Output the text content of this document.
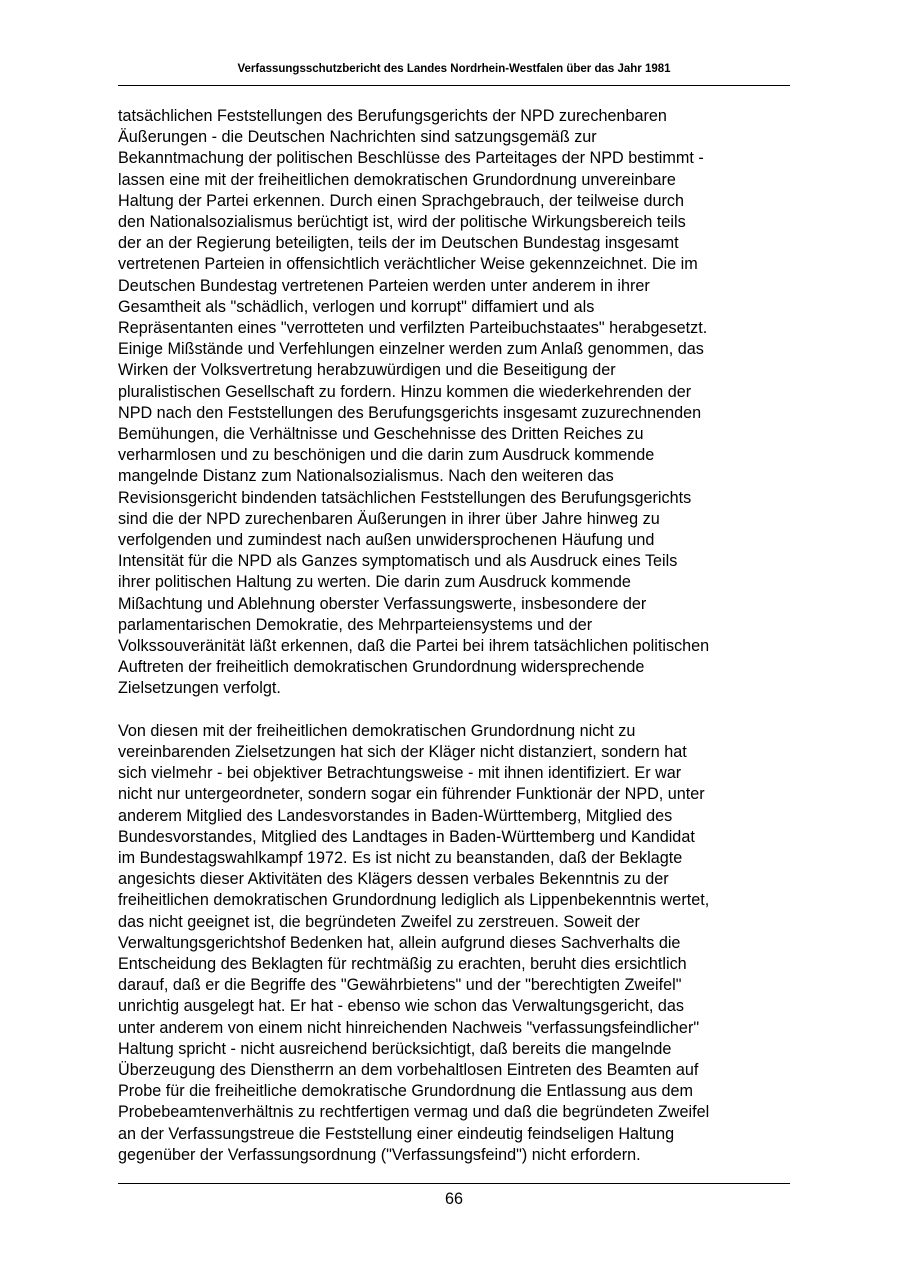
Verfassungsschutzbericht des Landes Nordrhein-Westfalen über das Jahr 1981

tatsächlichen Feststellungen des Berufungsgerichts der NPD zurechenbaren
Äußerungen - die Deutschen Nachrichten sind satzungsgemäß zur
Bekanntmachung der politischen Beschlüsse des Parteitages der NPD bestimmt -
lassen eine mit der freiheitlichen demokratischen Grundordnung unvereinbare
Haltung der Partei erkennen. Durch einen Sprachgebrauch, der teilweise durch
den Nationalsozialismus berüchtigt ist, wird der politische Wirkungsbereich teils
der an der Regierung beteiligten, teils der im Deutschen Bundestag insgesamt
vertretenen Parteien in offensichtlich verächtlicher Weise gekennzeichnet. Die im
Deutschen Bundestag vertretenen Parteien werden unter anderem in ihrer
Gesamtheit als "schädlich, verlogen und korrupt" diffamiert und als
Repräsentanten eines "verrotteten und verfilzten Parteibuchstaates" herabgesetzt.
Einige Mißstände und Verfehlungen einzelner werden zum Anlaß genommen, das
Wirken der Volksvertretung herabzuwürdigen und die Beseitigung der
pluralistischen Gesellschaft zu fordern. Hinzu kommen die wiederkehrenden der
NPD nach den Feststellungen des Berufungsgerichts insgesamt zuzurechnenden
Bemühungen, die Verhältnisse und Geschehnisse des Dritten Reiches zu
verharmlosen und zu beschönigen und die darin zum Ausdruck kommende
mangelnde Distanz zum Nationalsozialismus. Nach den weiteren das
Revisionsgericht bindenden tatsächlichen Feststellungen des Berufungsgerichts
sind die der NPD zurechenbaren Äußerungen in ihrer über Jahre hinweg zu
verfolgenden und zumindest nach außen unwidersprochenen Häufung und
Intensität für die NPD als Ganzes symptomatisch und als Ausdruck eines Teils
ihrer politischen Haltung zu werten. Die darin zum Ausdruck kommende
Mißachtung und Ablehnung oberster Verfassungswerte, insbesondere der
parlamentarischen Demokratie, des Mehrparteiensystems und der
Volkssouveränität läßt erkennen, daß die Partei bei ihrem tatsächlichen politischen
Auftreten der freiheitlich demokratischen Grundordnung widersprechende
Zielsetzungen verfolgt.

Von diesen mit der freiheitlichen demokratischen Grundordnung nicht zu
vereinbarenden Zielsetzungen hat sich der Kläger nicht distanziert, sondern hat
sich vielmehr - bei objektiver Betrachtungsweise - mit ihnen identifiziert. Er war
nicht nur untergeordneter, sondern sogar ein führender Funktionär der NPD, unter
anderem Mitglied des Landesvorstandes in Baden-Württemberg, Mitglied des
Bundesvorstandes, Mitglied des Landtages in Baden-Württemberg und Kandidat
im Bundestagswahlkampf 1972. Es ist nicht zu beanstanden, daß der Beklagte
angesichts dieser Aktivitäten des Klägers dessen verbales Bekenntnis zu der
freiheitlichen demokratischen Grundordnung lediglich als Lippenbekenntnis wertet,
das nicht geeignet ist, die begründeten Zweifel zu zerstreuen. Soweit der
Verwaltungsgerichtshof Bedenken hat, allein aufgrund dieses Sachverhalts die
Entscheidung des Beklagten für rechtmäßig zu erachten, beruht dies ersichtlich
darauf, daß er die Begriffe des "Gewährbietens" und der "berechtigten Zweifel"
unrichtig ausgelegt hat. Er hat - ebenso wie schon das Verwaltungsgericht, das
unter anderem von einem nicht hinreichenden Nachweis "verfassungsfeindlicher"
Haltung spricht - nicht ausreichend berücksichtigt, daß bereits die mangelnde
Überzeugung des Dienstherrn an dem vorbehaltlosen Eintreten des Beamten auf
Probe für die freiheitliche demokratische Grundordnung die Entlassung aus dem
Probebeamtenverhältnis zu rechtfertigen vermag und daß die begründeten Zweifel
an der Verfassungstreue die Feststellung einer eindeutig feindseligen Haltung
gegenüber der Verfassungsordnung ("Verfassungsfeind") nicht erfordern.

66
